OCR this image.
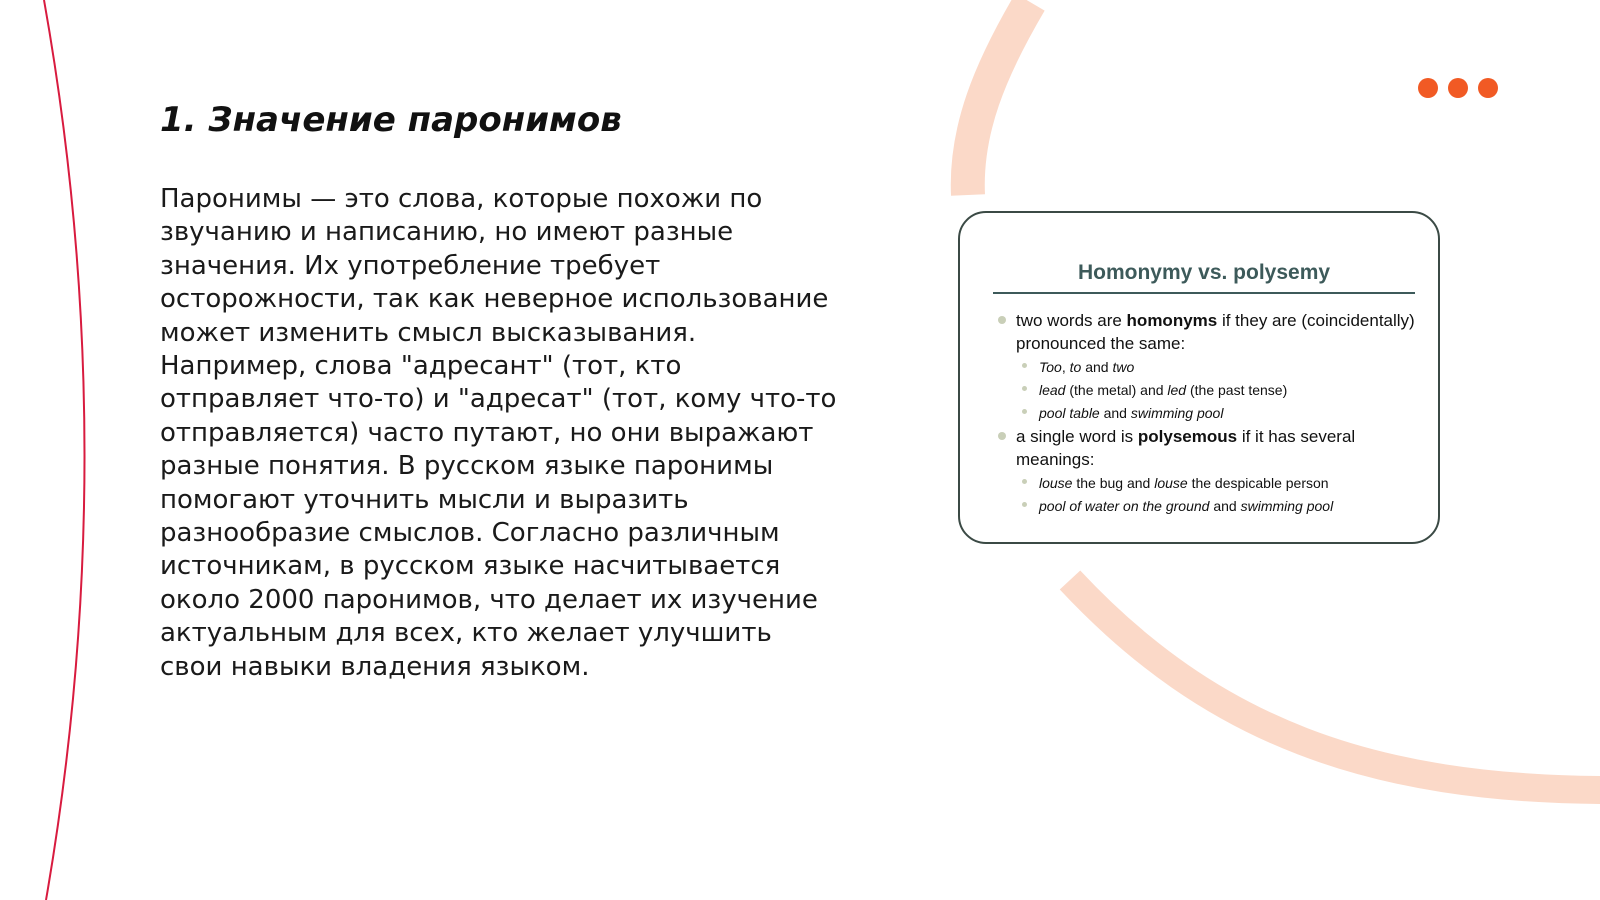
1. Значение паронимов

Паронимы — это слова, которые похожи по звучанию и написанию, но имеют разные значения. Их употребление требует осторожности, так как неверное использование может изменить смысл высказывания. Например, слова "адресант" (тот, кто отправляет что-то) и "адресат" (тот, кому что-то отправляется) часто путают, но они выражают разные понятия. В русском языке паронимы помогают уточнить мысли и выразить разнообразие смыслов. Согласно различным источникам, в русском языке насчитывается около 2000 паронимов, что делает их изучение актуальным для всех, кто желает улучшить свои навыки владения языком.

Homonymy vs. polysemy
two words are homonyms if they are (coincidentally) pronounced the same:
Too, to and two
lead (the metal) and led (the past tense)
pool table and swimming pool
a single word is polysemous if it has several meanings:
louse the bug and louse the despicable person
pool of water on the ground and swimming pool
